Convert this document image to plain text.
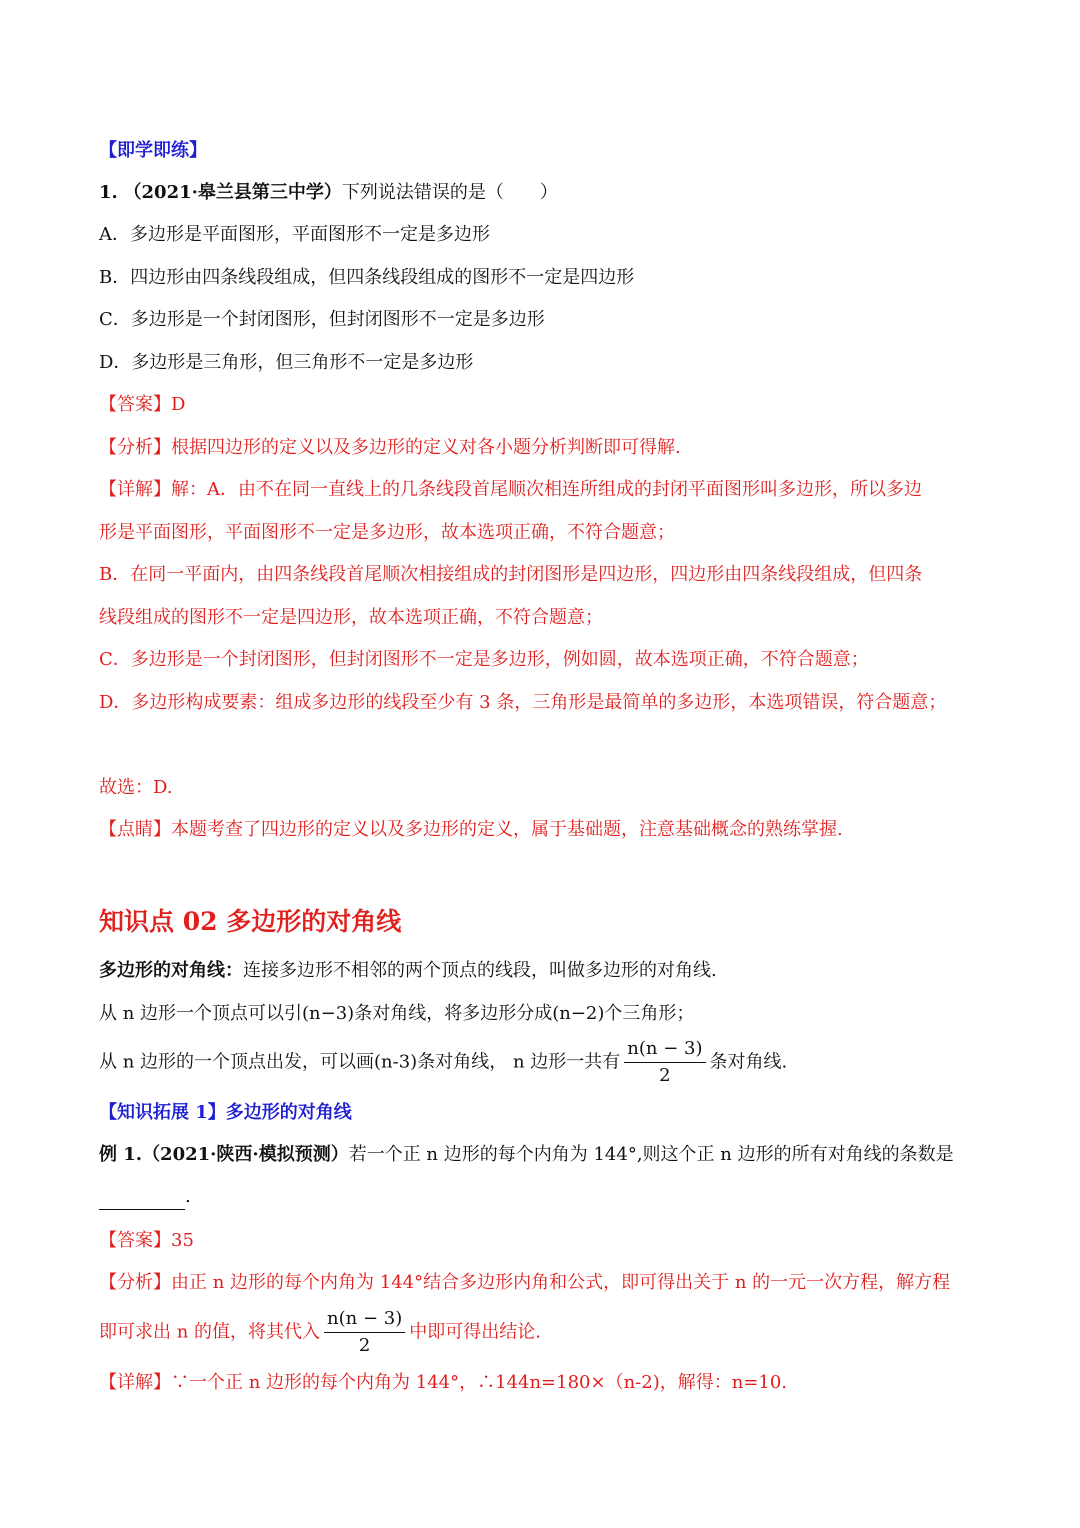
【即学即练】
1. （2021·皋兰县第三中学）下列说法错误的是（　　）
A．多边形是平面图形，平面图形不一定是多边形
B．四边形由四条线段组成，但四条线段组成的图形不一定是四边形
C．多边形是一个封闭图形，但封闭图形不一定是多边形
D．多边形是三角形，但三角形不一定是多边形
【答案】D
【分析】根据四边形的定义以及多边形的定义对各小题分析判断即可得解.
【详解】解：A．由不在同一直线上的几条线段首尾顺次相连所组成的封闭平面图形叫多边形，所以多边
形是平面图形，平面图形不一定是多边形，故本选项正确，不符合题意；
B．在同一平面内，由四条线段首尾顺次相接组成的封闭图形是四边形，四边形由四条线段组成，但四条
线段组成的图形不一定是四边形，故本选项正确，不符合题意；
C．多边形是一个封闭图形，但封闭图形不一定是多边形，例如圆，故本选项正确，不符合题意；
D．多边形构成要素：组成多边形的线段至少有 3 条，三角形是最简单的多边形，本选项错误，符合题意；
故选：D.
【点睛】本题考查了四边形的定义以及多边形的定义，属于基础题，注意基础概念的熟练掌握.
知识点 02 多边形的对角线
多边形的对角线：连接多边形不相邻的两个顶点的线段，叫做多边形的对角线.
从 n 边形一个顶点可以引(n−3)条对角线，将多边形分成(n−2)个三角形；
从 n 边形的一个顶点出发，可以画(n-3)条对角线， n 边形一共有 $\frac{n(n - 3)}{2}$ 条对角线.
【知识拓展 1】多边形的对角线
例 1.（2021·陕西·模拟预测）若一个正 n 边形的每个内角为 144°,则这个正 n 边形的所有对角线的条数是
.
【答案】35
【分析】由正 n 边形的每个内角为 144°结合多边形内角和公式，即可得出关于 n 的一元一次方程，解方程
即可求出 n 的值，将其代入 $\frac{n(n - 3)}{2}$ 中即可得出结论.
【详解】∵一个正 n 边形的每个内角为 144°，∴144n=180×（n-2)，解得：n=10.
